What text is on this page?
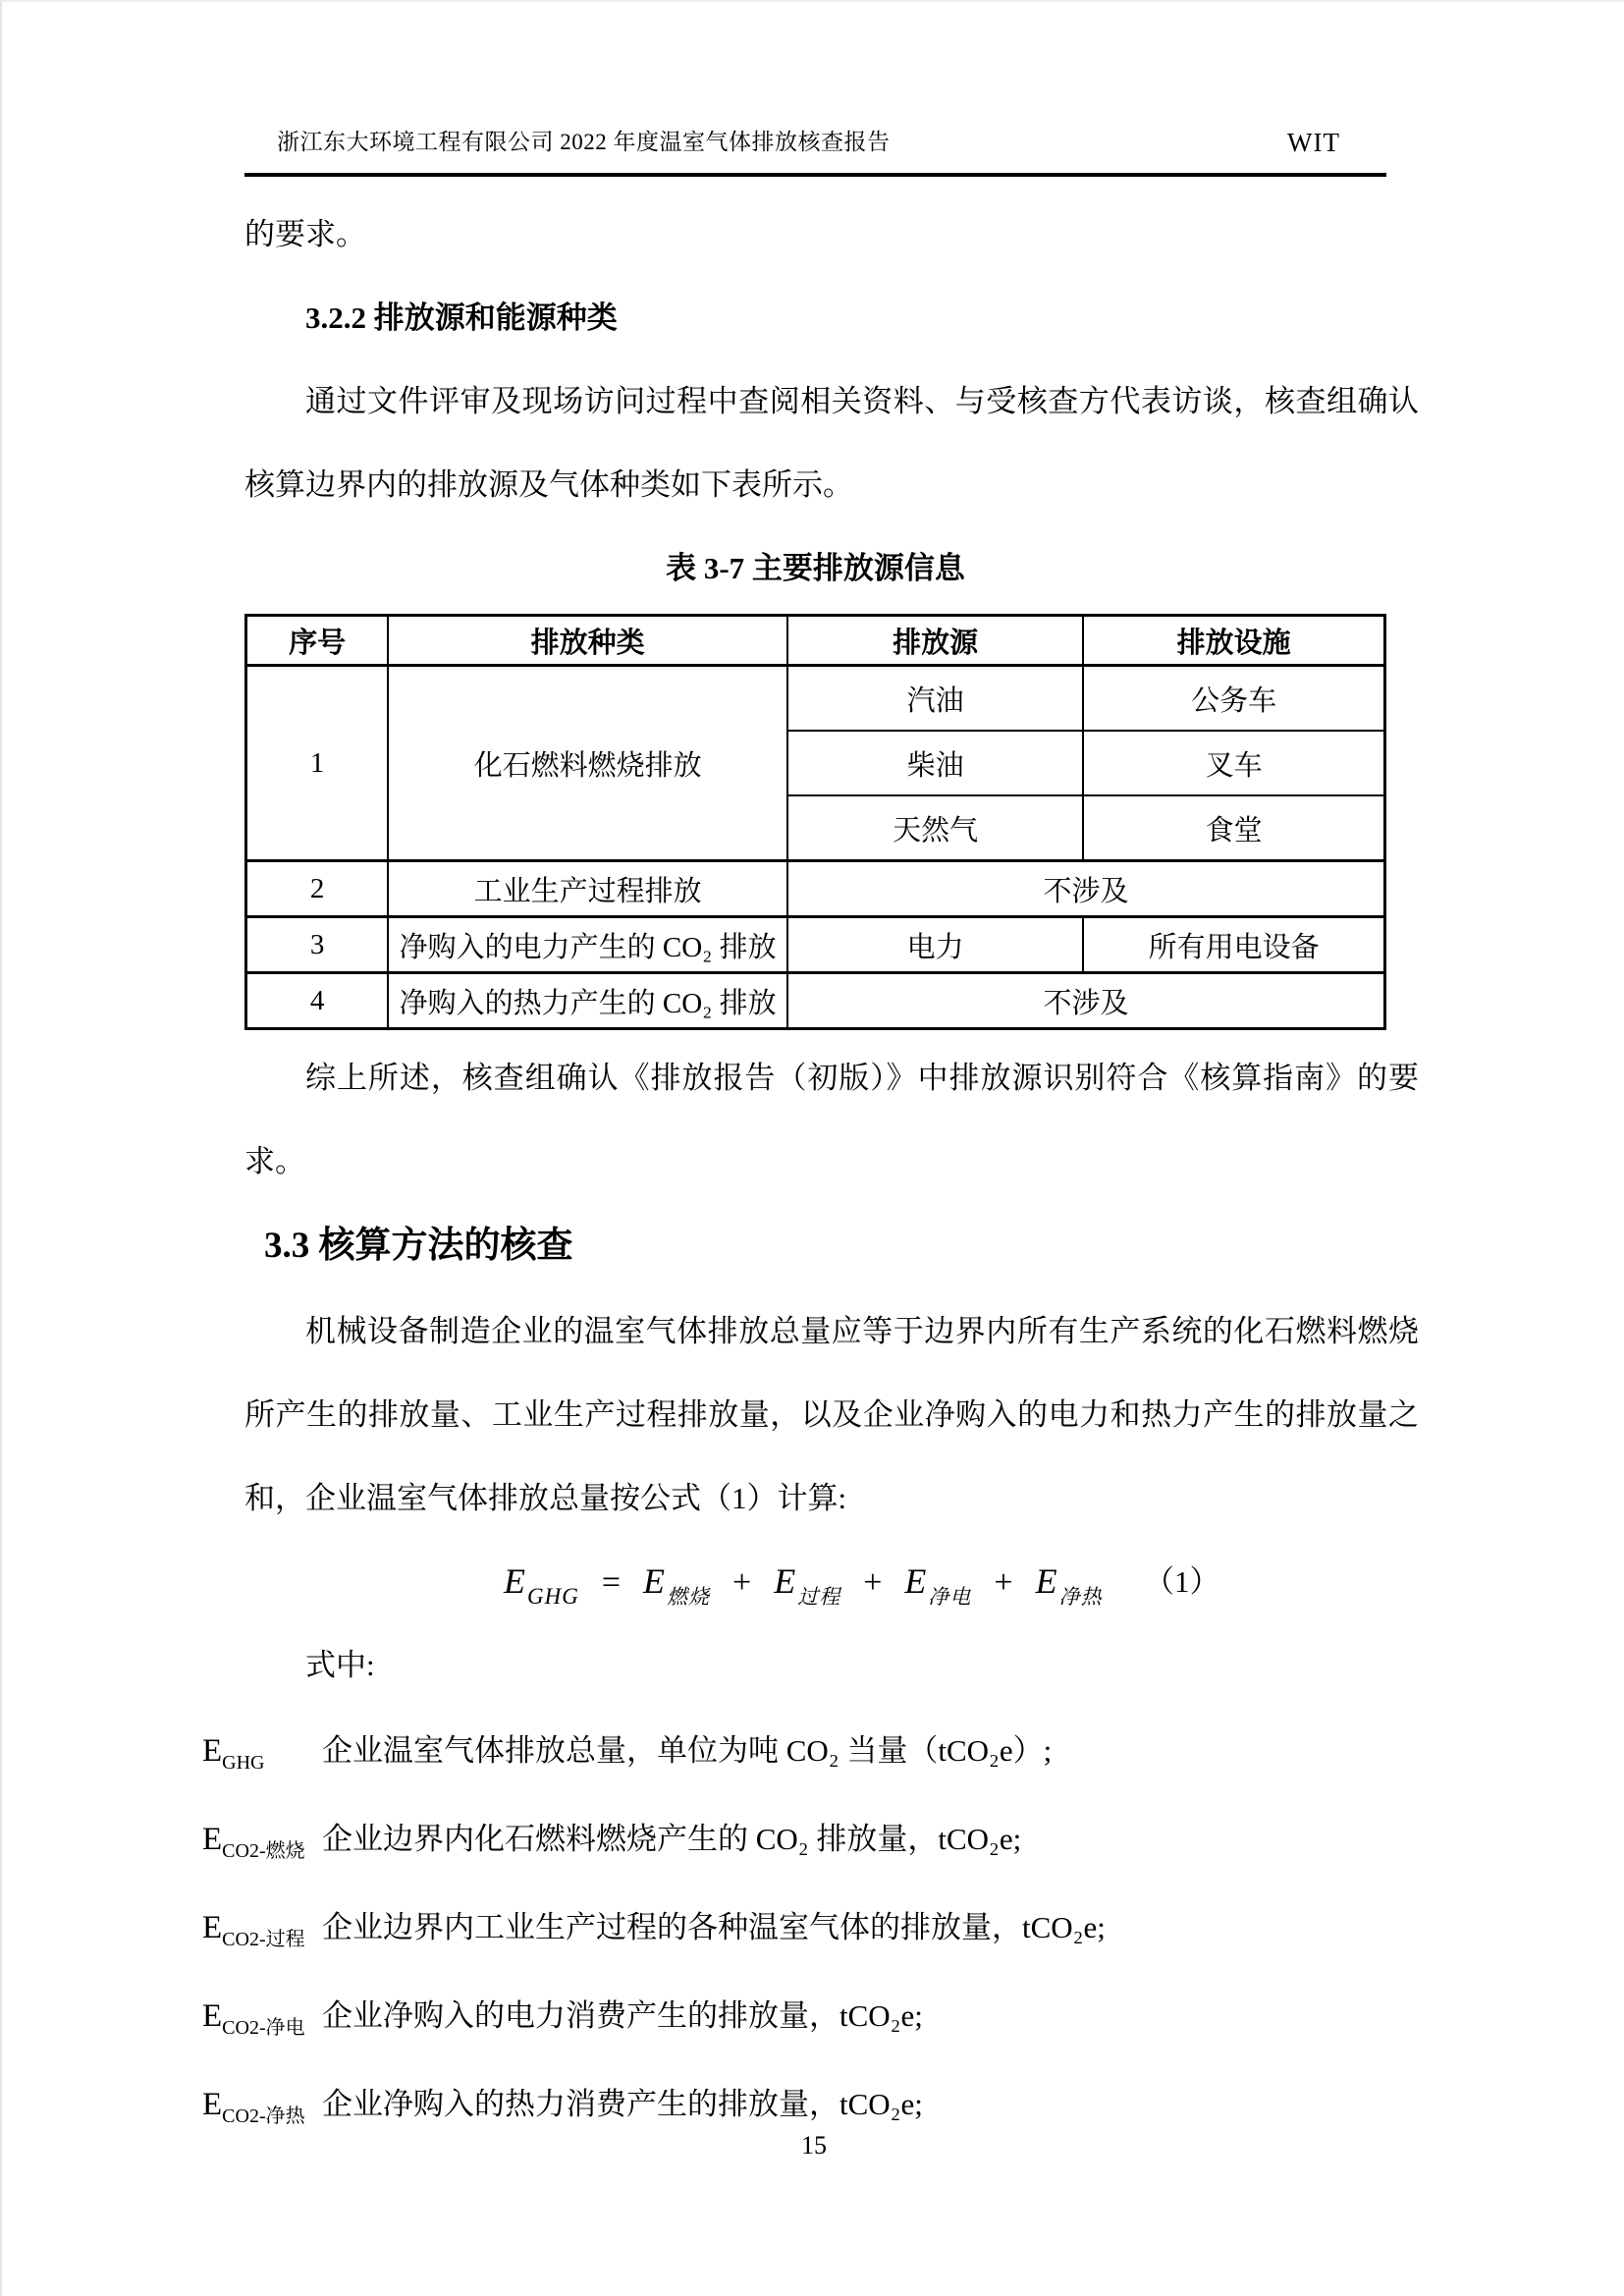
浙江东大环境工程有限公司 2022 年度温室气体排放核查报告	WIT

的要求。

3.2.2 排放源和能源种类

通过文件评审及现场访问过程中查阅相关资料、与受核查方代表访谈，核查组确认核算边界内的排放源及气体种类如下表所示。

表 3-7 主要排放源信息
序号	排放种类	排放源	排放设施
1	化石燃料燃烧排放	汽油	公务车
		柴油	叉车
		天然气	食堂
2	工业生产过程排放	不涉及	
3	净购入的电力产生的 CO₂ 排放	电力	所有用电设备
4	净购入的热力产生的 CO₂ 排放	不涉及	

综上所述，核查组确认《排放报告（初版）》中排放源识别符合《核算指南》的要求。

3.3 核算方法的核查

机械设备制造企业的温室气体排放总量应等于边界内所有生产系统的化石燃料燃烧所产生的排放量、工业生产过程排放量，以及企业净购入的电力和热力产生的排放量之和，企业温室气体排放总量按公式（1）计算:

$E_{GHG} = E_{燃烧} + E_{过程} + E_{净电} + E_{净热}$ （1）

式中:

$E_{GHG}$ 企业温室气体排放总量，单位为吨 CO₂ 当量（tCO₂e）;
$E_{CO2-燃烧}$ 企业边界内化石燃料燃烧产生的 CO₂ 排放量，tCO₂e;
$E_{CO2-过程}$ 企业边界内工业生产过程的各种温室气体的排放量，tCO₂e;
$E_{CO2-净电}$ 企业净购入的电力消费产生的排放量，tCO₂e;
$E_{CO2-净热}$ 企业净购入的热力消费产生的排放量，tCO₂e;
15
